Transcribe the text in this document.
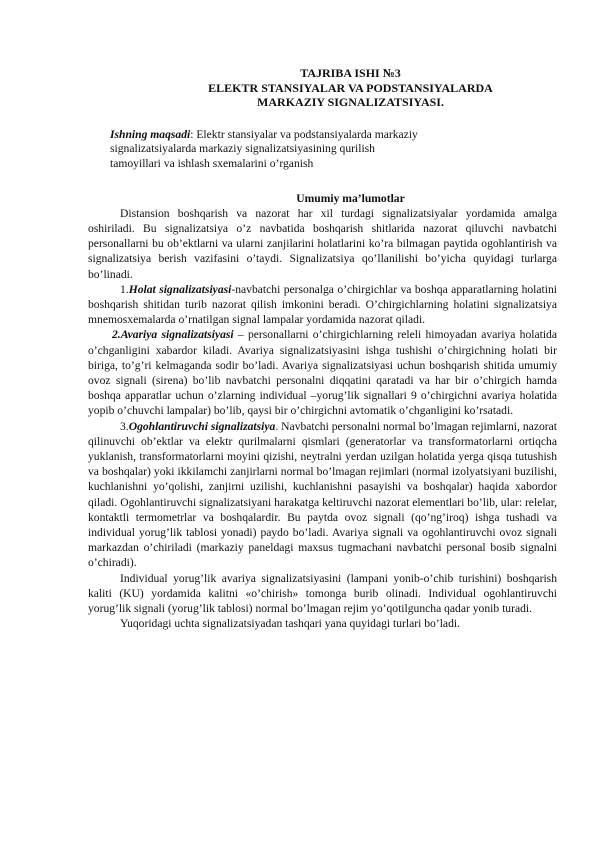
TAJRIBA ISHI №3
ELEKTR STANSIYALAR VA PODSTANSIYALARDA
MARKAZIY SIGNALIZATSIYASI.
Ishning maqsadi: Elektr stansiyalar va podstansiyalarda markaziy
signalizatsiyalarda markaziy signalizatsiyasining qurilish
tamoyillari va ishlash sxemalarini o’rganish
Umumiy ma’lumotlar

Distansion boshqarish va nazorat har xil turdagi signalizatsiyalar yordamida amalga oshiriladi. Bu signalizatsiya o’z navbatida boshqarish shitlarida nazorat qiluvchi navbatchi personallarni bu ob’ektlarni va ularni zanjilarini holatlarini ko’ra bilmagan paytida ogohlantirish va signalizatsiya berish vazifasini o’taydi. Signalizatsiya qo’llanilishi bo’yicha quyidagi turlarga bo’linadi.

1.Holat signalizatsiyasi-navbatchi personalga o’chirgichlar va boshqa apparatlarning holatini boshqarish shitidan turib nazorat qilish imkonini beradi. O’chirgichlarning holatini signalizatsiya mnemosxemalarda o’rnatilgan signal lampalar yordamida nazorat qiladi.

2.Avariya signalizatsiyasi – personallarni o’chirgichlarning releli himoyadan avariya holatida o’chganligini xabardor kiladi. Avariya signalizatsiyasini ishga tushishi o’chirgichning holati bir biriga, to’g’ri kelmaganda sodir bo’ladi. Avariya signalizatsiyasi uchun boshqarish shitida umumiy ovoz signali (sirena) bo’lib navbatchi personalni diqqatini qaratadi va har bir o’chirgich hamda boshqa apparatlar uchun o’zlarning individual –yorug’lik signallari 9 o’chirgichni avariya holatida yopib o’chuvchi lampalar) bo’lib, qaysi bir o’chirgichni avtomatik o’chganligini ko’rsatadi.

3.Ogohlantiruvchi signalizatsiya. Navbatchi personalni normal bo’lmagan rejimlarni, nazorat qilinuvchi ob’ektlar va elektr qurilmalarni qismlari (generatorlar va transformatorlarni ortiqcha yuklanish, transformatorlarni moyini qizishi, neytralni yerdan uzilgan holatida yerga qisqa tutushish va boshqalar) yoki ikkilamchi zanjirlarni normal bo’lmagan rejimlari (normal izolyatsiyani buzilishi, kuchlanishni yo’qolishi, zanjirni uzilishi, kuchlanishni pasayishi va boshqalar) haqida xabordor qiladi. Ogohlantiruvchi signalizatsiyani harakatga keltiruvchi nazorat elementlari bo’lib, ular: relelar, kontaktli termometrlar va boshqalardir. Bu paytda ovoz signali (qo’ng’iroq) ishga tushadi va individual yorug’lik tablosi yonadi) paydo bo’ladi. Avariya signali va ogohlantiruvchi ovoz signali markazdan o’chiriladi (markaziy paneldagi maxsus tugmachani navbatchi personal bosib signalni o’chiradi).

Individual yorug’lik avariya signalizatsiyasini (lampani yonib-o’chib turishini) boshqarish kaliti (KU) yordamida kalitni «o’chirish» tomonga burib olinadi. Individual ogohlantiruvchi yorug’lik signali (yorug’lik tablosi) normal bo’lmagan rejim yo’qotilguncha qadar yonib turadi.

Yuqoridagi uchta signalizatsiyadan tashqari yana quyidagi turlari bo’ladi.
